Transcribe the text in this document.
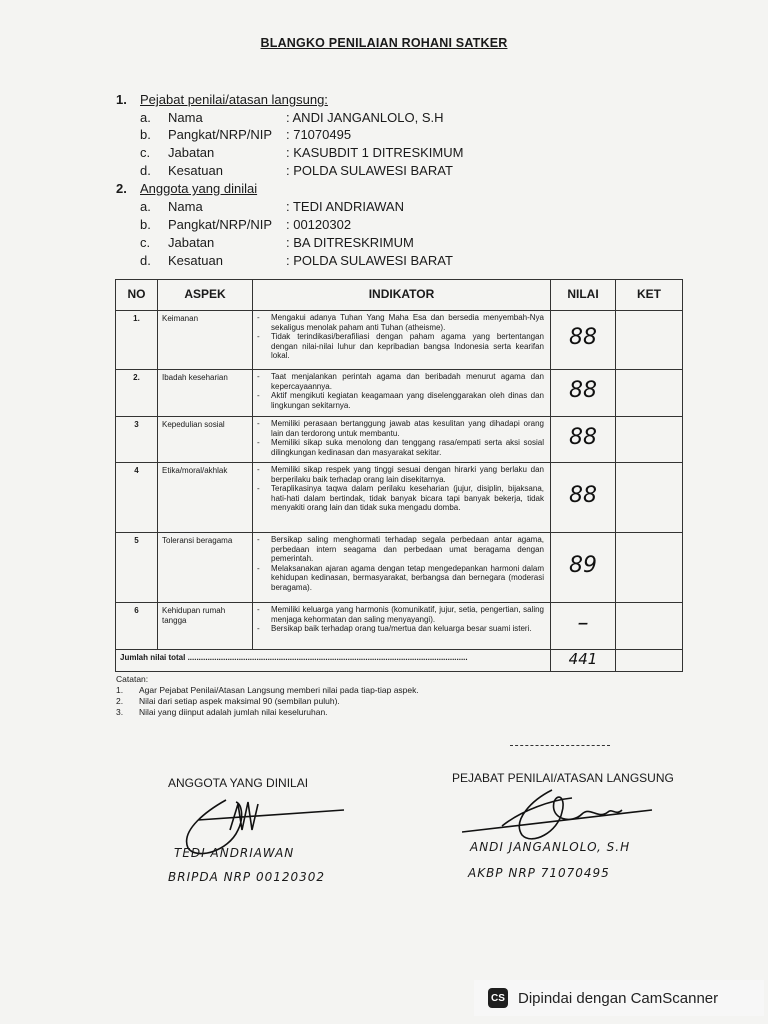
BLANGKO PENILAIAN ROHANI SATKER
1. Pejabat penilai/atasan langsung:
a.	Nama	: ANDI JANGANLOLO, S.H
b.	Pangkat/NRP/NIP : 71070495
c.	Jabatan	: KASUBDIT 1 DITRESKIMUM
d.	Kesatuan	: POLDA SULAWESI BARAT
2. Anggota yang dinilai
a.	Nama	: TEDI ANDRIAWAN
b.	Pangkat/NRP/NIP : 00120302
c.	Jabatan	: BA DITRESKRIMUM
d.	Kesatuan	: POLDA SULAWESI BARAT
NO	ASPEK	INDIKATOR	NILAI	KET
1.	Keimanan	- Mengakui adanya Tuhan Yang Maha Esa dan bersedia menyembah-Nya sekaligus menolak paham anti Tuhan (atheisme).
- Tidak terindikasi/berafiliasi dengan paham agama yang bertentangan dengan nilai-nilai luhur dan kepribadian bangsa Indonesia serta kearifan lokal.	88	
2.	Ibadah keseharian	- Taat menjalankan perintah agama dan beribadah menurut agama dan kepercayaannya.
- Aktif mengikuti kegiatan keagamaan yang diselenggarakan oleh dinas dan lingkungan sekitarnya.	88	
3	Kepedulian sosial	- Memiliki perasaan bertanggung jawab atas kesulitan yang dihadapi orang lain dan terdorong untuk membantu.
- Memiliki sikap suka menolong dan tenggang rasa/empati serta aksi sosial dilingkungan kedinasan dan masyarakat sekitar.	88	
4	Etika/moral/akhlak	- Memiliki sikap respek yang tinggi sesuai dengan hirarki yang berlaku dan berperilaku baik terhadap orang lain disekitarnya.
- Teraplikasinya taqwa dalam perilaku keseharian (jujur, disiplin, bijaksana, hati-hati dalam bertindak, tidak banyak bicara tapi banyak bekerja, tidak menyakiti orang lain dan tidak suka mengadu domba.	88	
5	Toleransi beragama	- Bersikap saling menghormati terhadap segala perbedaan antar agama, perbedaan intern seagama dan perbedaan umat beragama dengan pemerintah.
- Melaksanakan ajaran agama dengan tetap mengedepankan harmoni dalam kehidupan kedinasan, bermasyarakat, berbangsa dan bernegara (moderasi beragama).	89	
6	Kehidupan rumah tangga	- Memiliki keluarga yang harmonis (komunikatif, jujur, setia, pengertian, saling menjaga kehormatan dan saling menyayangi).
- Bersikap baik terhadap orang tua/mertua dan keluarga besar suami isteri.	–	
Jumlah nilai total ..............................................................................................................................			441	
Catatan:
1.	Agar Pejabat Penilai/Atasan Langsung memberi nilai pada tiap-tiap aspek.
2.	Nilai dari setiap aspek maksimal 90 (sembilan puluh).
3.	Nilai yang diinput adalah jumlah nilai keseluruhan.
ANGGOTA YANG DINILAI	PEJABAT PENILAI/ATASAN LANGSUNG
TEDI ANDRIAWAN
BRIPDA NRP 00120302
ANDI JANGANLOLO, S.H
AKBP NRP 71070495
CS Dipindai dengan CamScanner
